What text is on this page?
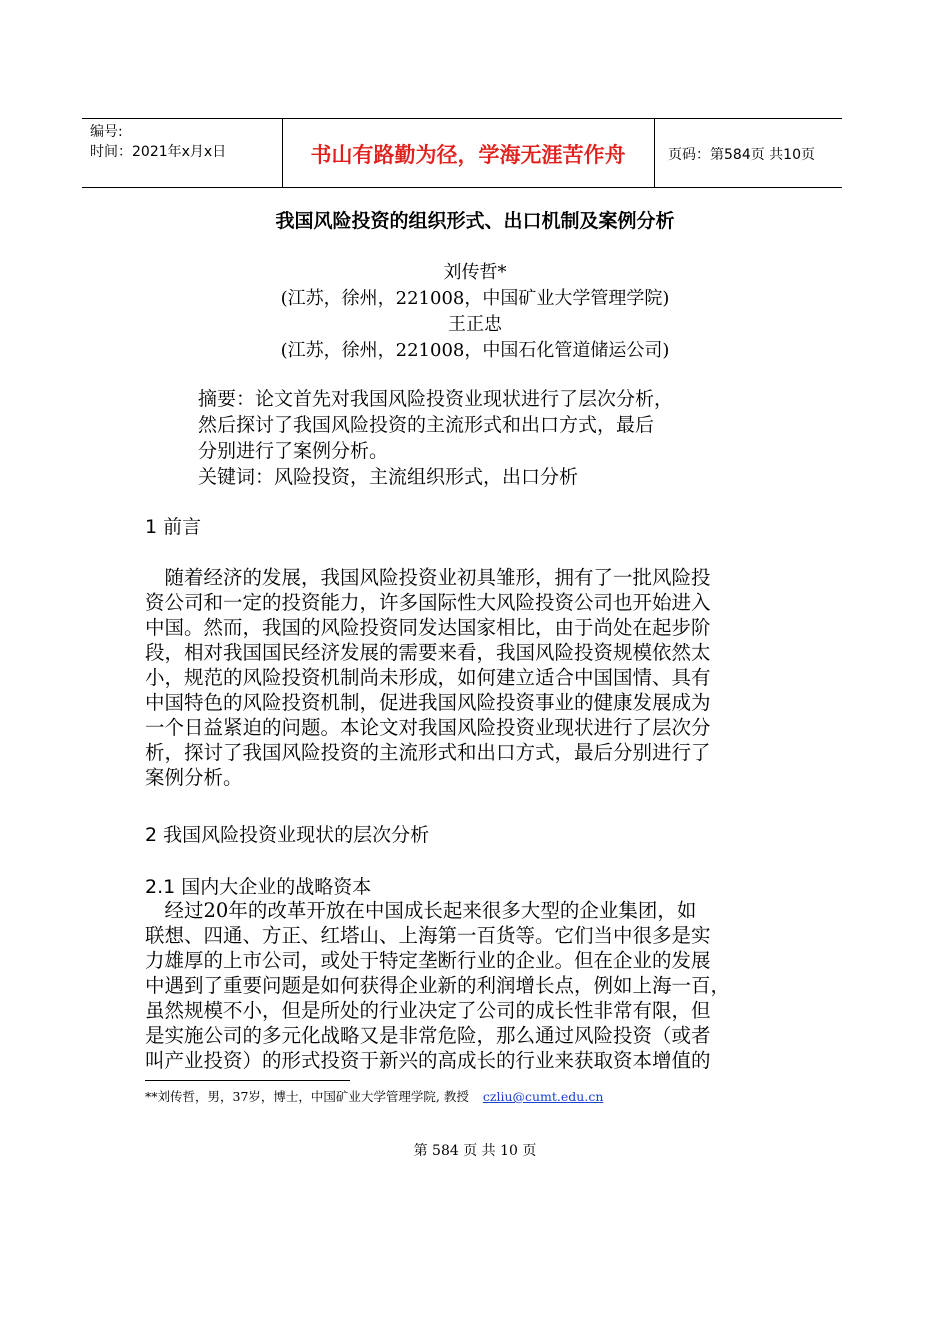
编号:
时间：2021年x月x日	书山有路勤为径，学海无涯苦作舟	页码：第584页 共10页
我国风险投资的组织形式、出口机制及案例分析
刘传哲*
(江苏，徐州，221008，中国矿业大学管理学院)
王正忠
(江苏，徐州，221008，中国石化管道储运公司)
摘要：论文首先对我国风险投资业现状进行了层次分析，
然后探讨了我国风险投资的主流形式和出口方式，最后
分别进行了案例分析。
关键词：风险投资，主流组织形式，出口分析
1 前言
　随着经济的发展，我国风险投资业初具雏形，拥有了一批风险投
资公司和一定的投资能力，许多国际性大风险投资公司也开始进入
中国。然而，我国的风险投资同发达国家相比，由于尚处在起步阶
段，相对我国国民经济发展的需要来看，我国风险投资规模依然太
小，规范的风险投资机制尚未形成，如何建立适合中国国情、具有
中国特色的风险投资机制，促进我国风险投资事业的健康发展成为
一个日益紧迫的问题。本论文对我国风险投资业现状进行了层次分
析，探讨了我国风险投资的主流形式和出口方式，最后分别进行了
案例分析。
2 我国风险投资业现状的层次分析
2.1 国内大企业的战略资本
　经过20年的改革开放在中国成长起来很多大型的企业集团，如
联想、四通、方正、红塔山、上海第一百货等。它们当中很多是实
力雄厚的上市公司，或处于特定垄断行业的企业。但在企业的发展
中遇到了重要问题是如何获得企业新的利润增长点，例如上海一百，
虽然规模不小，但是所处的行业决定了公司的成长性非常有限，但
是实施公司的多元化战略又是非常危险，那么通过风险投资（或者
叫产业投资）的形式投资于新兴的高成长的行业来获取资本增值的
**刘传哲，男，37岁，博士，中国矿业大学管理学院, 教授 czliu@cumt.edu.cn
第 584 页 共 10 页
